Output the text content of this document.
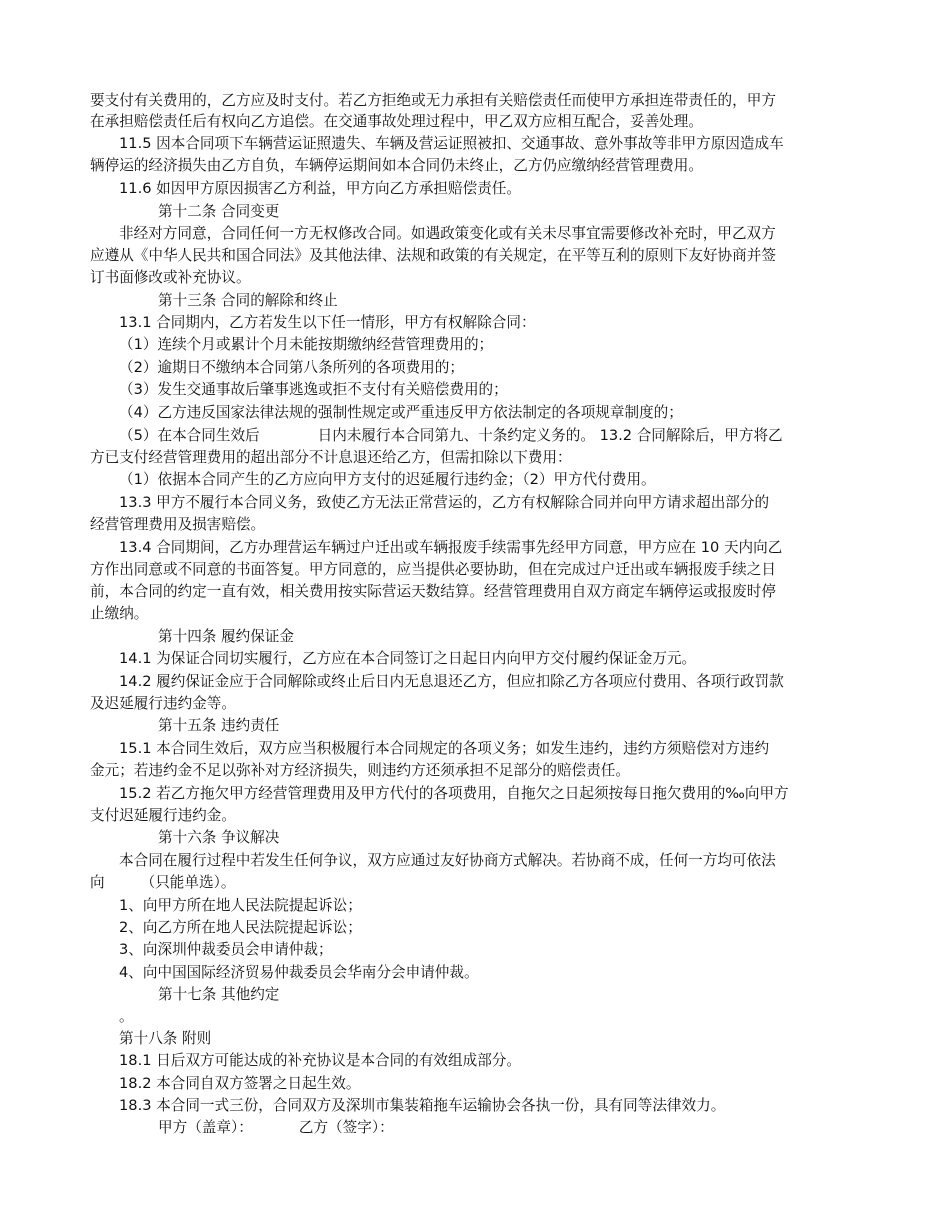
要支付有关费用的，乙方应及时支付。若乙方拒绝或无力承担有关赔偿责任而使甲方承担连带责任的，甲方
在承担赔偿责任后有权向乙方追偿。在交通事故处理过程中，甲乙双方应相互配合，妥善处理。
11.5 因本合同项下车辆营运证照遗失、车辆及营运证照被扣、交通事故、意外事故等非甲方原因造成车
辆停运的经济损失由乙方自负，车辆停运期间如本合同仍未终止，乙方仍应缴纳经营管理费用。
11.6 如因甲方原因损害乙方利益，甲方向乙方承担赔偿责任。
第十二条 合同变更
非经对方同意，合同任何一方无权修改合同。如遇政策变化或有关未尽事宜需要修改补充时，甲乙双方
应遵从《中华人民共和国合同法》及其他法律、法规和政策的有关规定，在平等互利的原则下友好协商并签
订书面修改或补充协议。
第十三条 合同的解除和终止
13.1 合同期内，乙方若发生以下任一情形，甲方有权解除合同：
（1）连续个月或累计个月未能按期缴纳经营管理费用的；
（2）逾期日不缴纳本合同第八条所列的各项费用的；
（3）发生交通事故后肇事逃逸或拒不支付有关赔偿费用的；
（4）乙方违反国家法律法规的强制性规定或严重违反甲方依法制定的各项规章制度的；
（5）在本合同生效后	日内未履行本合同第九、十条约定义务的。 13.2 合同解除后，甲方将乙
方已支付经营管理费用的超出部分不计息退还给乙方，但需扣除以下费用：
（1）依据本合同产生的乙方应向甲方支付的迟延履行违约金；（2）甲方代付费用。
13.3 甲方不履行本合同义务，致使乙方无法正常营运的，乙方有权解除合同并向甲方请求超出部分的
经营管理费用及损害赔偿。
13.4 合同期间，乙方办理营运车辆过户迁出或车辆报废手续需事先经甲方同意，甲方应在 10 天内向乙
方作出同意或不同意的书面答复。甲方同意的，应当提供必要协助，但在完成过户迁出或车辆报废手续之日
前，本合同的约定一直有效，相关费用按实际营运天数结算。经营管理费用自双方商定车辆停运或报废时停
止缴纳。
第十四条 履约保证金
14.1 为保证合同切实履行，乙方应在本合同签订之日起日内向甲方交付履约保证金万元。
14.2 履约保证金应于合同解除或终止后日内无息退还乙方，但应扣除乙方各项应付费用、各项行政罚款
及迟延履行违约金等。
第十五条 违约责任
15.1 本合同生效后，双方应当积极履行本合同规定的各项义务；如发生违约，违约方须赔偿对方违约
金元；若违约金不足以弥补对方经济损失，则违约方还须承担不足部分的赔偿责任。
15.2 若乙方拖欠甲方经营管理费用及甲方代付的各项费用，自拖欠之日起须按每日拖欠费用的‰向甲方
支付迟延履行违约金。
第十六条 争议解决
本合同在履行过程中若发生任何争议，双方应通过友好协商方式解决。若协商不成，任何一方均可依法
向 （只能单选）。
1、向甲方所在地人民法院提起诉讼；
2、向乙方所在地人民法院提起诉讼；
3、向深圳仲裁委员会申请仲裁；
4、向中国国际经济贸易仲裁委员会华南分会申请仲裁。
第十七条 其他约定
。
第十八条 附则
18.1 日后双方可能达成的补充协议是本合同的有效组成部分。
18.2 本合同自双方签署之日起生效。
18.3 本合同一式三份，合同双方及深圳市集装箱拖车运输协会各执一份，具有同等法律效力。
甲方（盖章）：	乙方（签字）：
